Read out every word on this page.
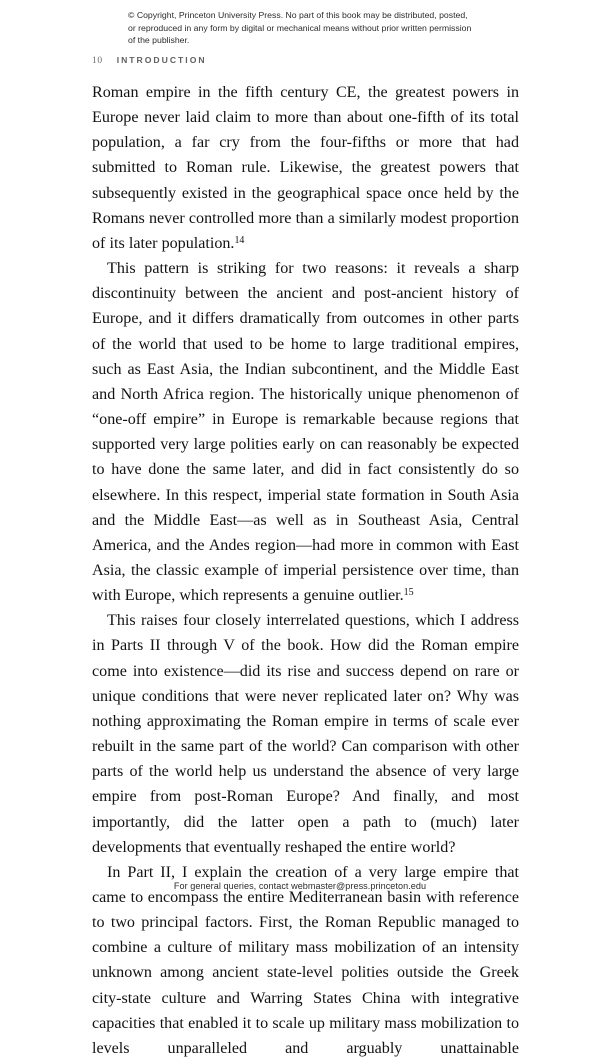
© Copyright, Princeton University Press. No part of this book may be distributed, posted, or reproduced in any form by digital or mechanical means without prior written permission of the publisher.
10 INTRODUCTION

Roman empire in the fifth century CE, the greatest powers in Europe never laid claim to more than about one-fifth of its total population, a far cry from the four-fifths or more that had submitted to Roman rule. Likewise, the greatest powers that subsequently existed in the geographical space once held by the Romans never controlled more than a similarly modest proportion of its later population.$^{14}$

This pattern is striking for two reasons: it reveals a sharp discontinuity between the ancient and post-ancient history of Europe, and it differs dramatically from outcomes in other parts of the world that used to be home to large traditional empires, such as East Asia, the Indian subcontinent, and the Middle East and North Africa region. The historically unique phenomenon of “one-off empire” in Europe is remarkable because regions that supported very large polities early on can reasonably be expected to have done the same later, and did in fact consistently do so elsewhere. In this respect, imperial state formation in South Asia and the Middle East—as well as in Southeast Asia, Central America, and the Andes region—had more in common with East Asia, the classic example of imperial persistence over time, than with Europe, which represents a genuine outlier.$^{15}$

This raises four closely interrelated questions, which I address in Parts II through V of the book. How did the Roman empire come into existence—did its rise and success depend on rare or unique conditions that were never replicated later on? Why was nothing approximating the Roman empire in terms of scale ever rebuilt in the same part of the world? Can comparison with other parts of the world help us understand the absence of very large empire from post-Roman Europe? And finally, and most importantly, did the latter open a path to (much) later developments that eventually reshaped the entire world?

In Part II, I explain the creation of a very large empire that came to encompass the entire Mediterranean basin with reference to two principal factors. First, the Roman Republic managed to combine a culture of military mass mobilization of an intensity unknown among ancient state-level polities outside the Greek city-state culture and Warring States China with integrative capacities that enabled it to scale up military mass mobilization to levels unparalleled and arguably unattainable

For general queries, contact webmaster@press.princeton.edu
